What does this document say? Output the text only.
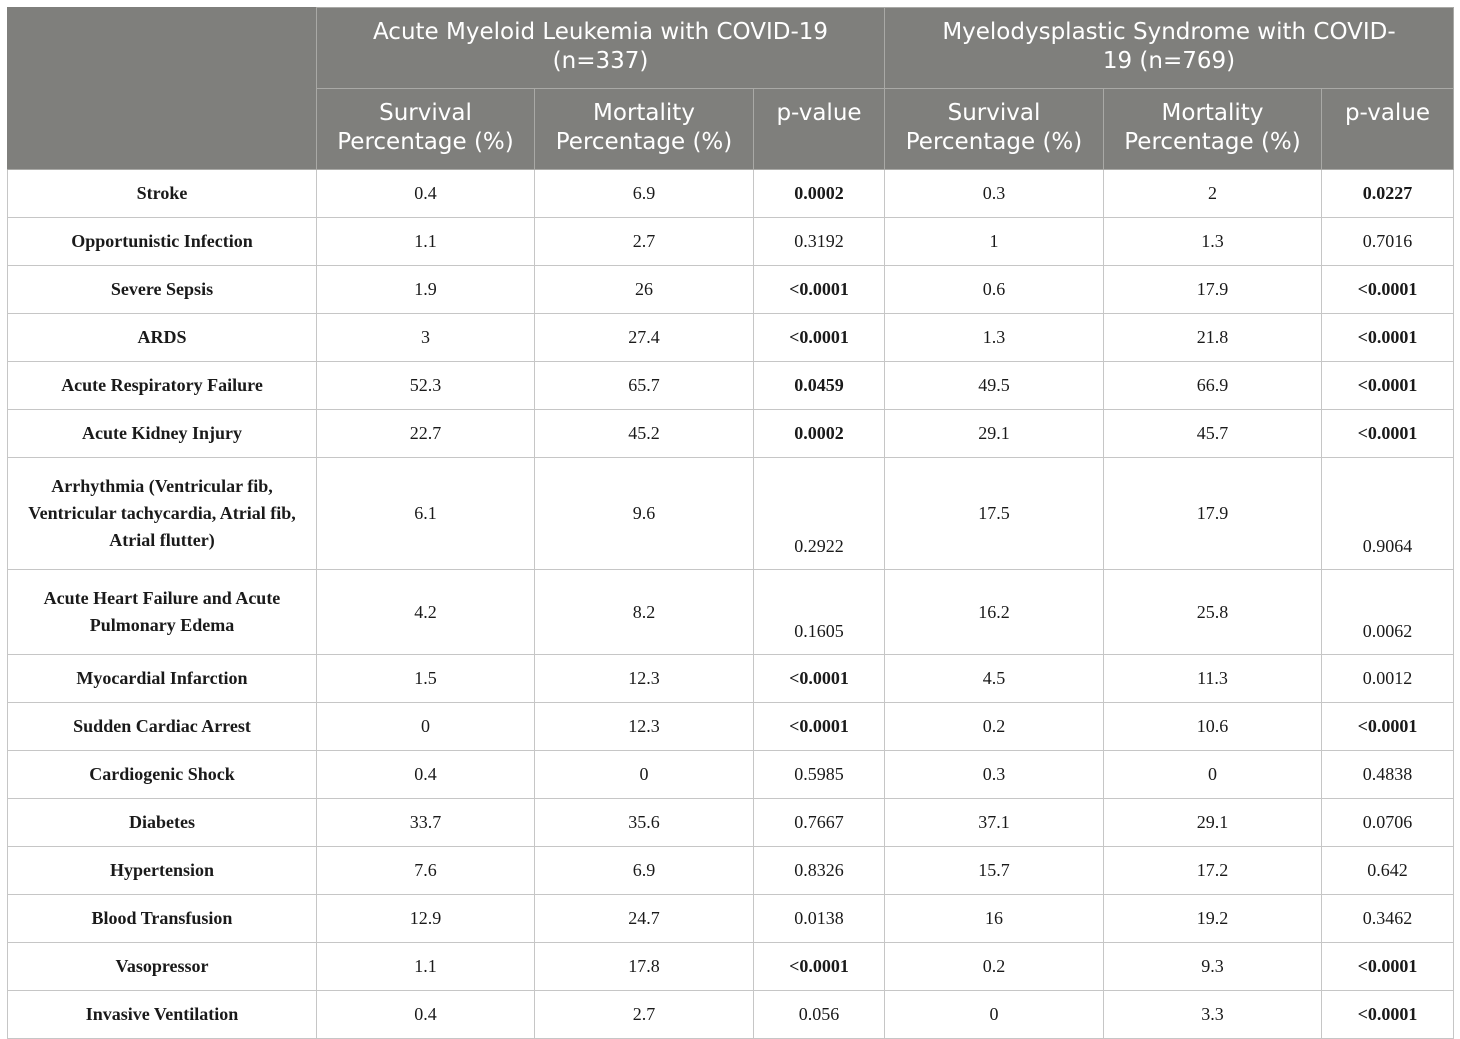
	Acute Myeloid Leukemia with COVID-19 (n=337)			Myelodysplastic Syndrome with COVID-19 (n=769)		
	Survival Percentage (%)	Mortality Percentage (%)	p-value	Survival Percentage (%)	Mortality Percentage (%)	p-value
Stroke	0.4	6.9	0.0002	0.3	2	0.0227
Opportunistic Infection	1.1	2.7	0.3192	1	1.3	0.7016
Severe Sepsis	1.9	26	<0.0001	0.6	17.9	<0.0001
ARDS	3	27.4	<0.0001	1.3	21.8	<0.0001
Acute Respiratory Failure	52.3	65.7	0.0459	49.5	66.9	<0.0001
Acute Kidney Injury	22.7	45.2	0.0002	29.1	45.7	<0.0001
Arrhythmia (Ventricular fib, Ventricular tachycardia, Atrial fib, Atrial flutter)	6.1	9.6	0.2922	17.5	17.9	0.9064
Acute Heart Failure and Acute Pulmonary Edema	4.2	8.2	0.1605	16.2	25.8	0.0062
Myocardial Infarction	1.5	12.3	<0.0001	4.5	11.3	0.0012
Sudden Cardiac Arrest	0	12.3	<0.0001	0.2	10.6	<0.0001
Cardiogenic Shock	0.4	0	0.5985	0.3	0	0.4838
Diabetes	33.7	35.6	0.7667	37.1	29.1	0.0706
Hypertension	7.6	6.9	0.8326	15.7	17.2	0.642
Blood Transfusion	12.9	24.7	0.0138	16	19.2	0.3462
Vasopressor	1.1	17.8	<0.0001	0.2	9.3	<0.0001
Invasive Ventilation	0.4	2.7	0.056	0	3.3	<0.0001
